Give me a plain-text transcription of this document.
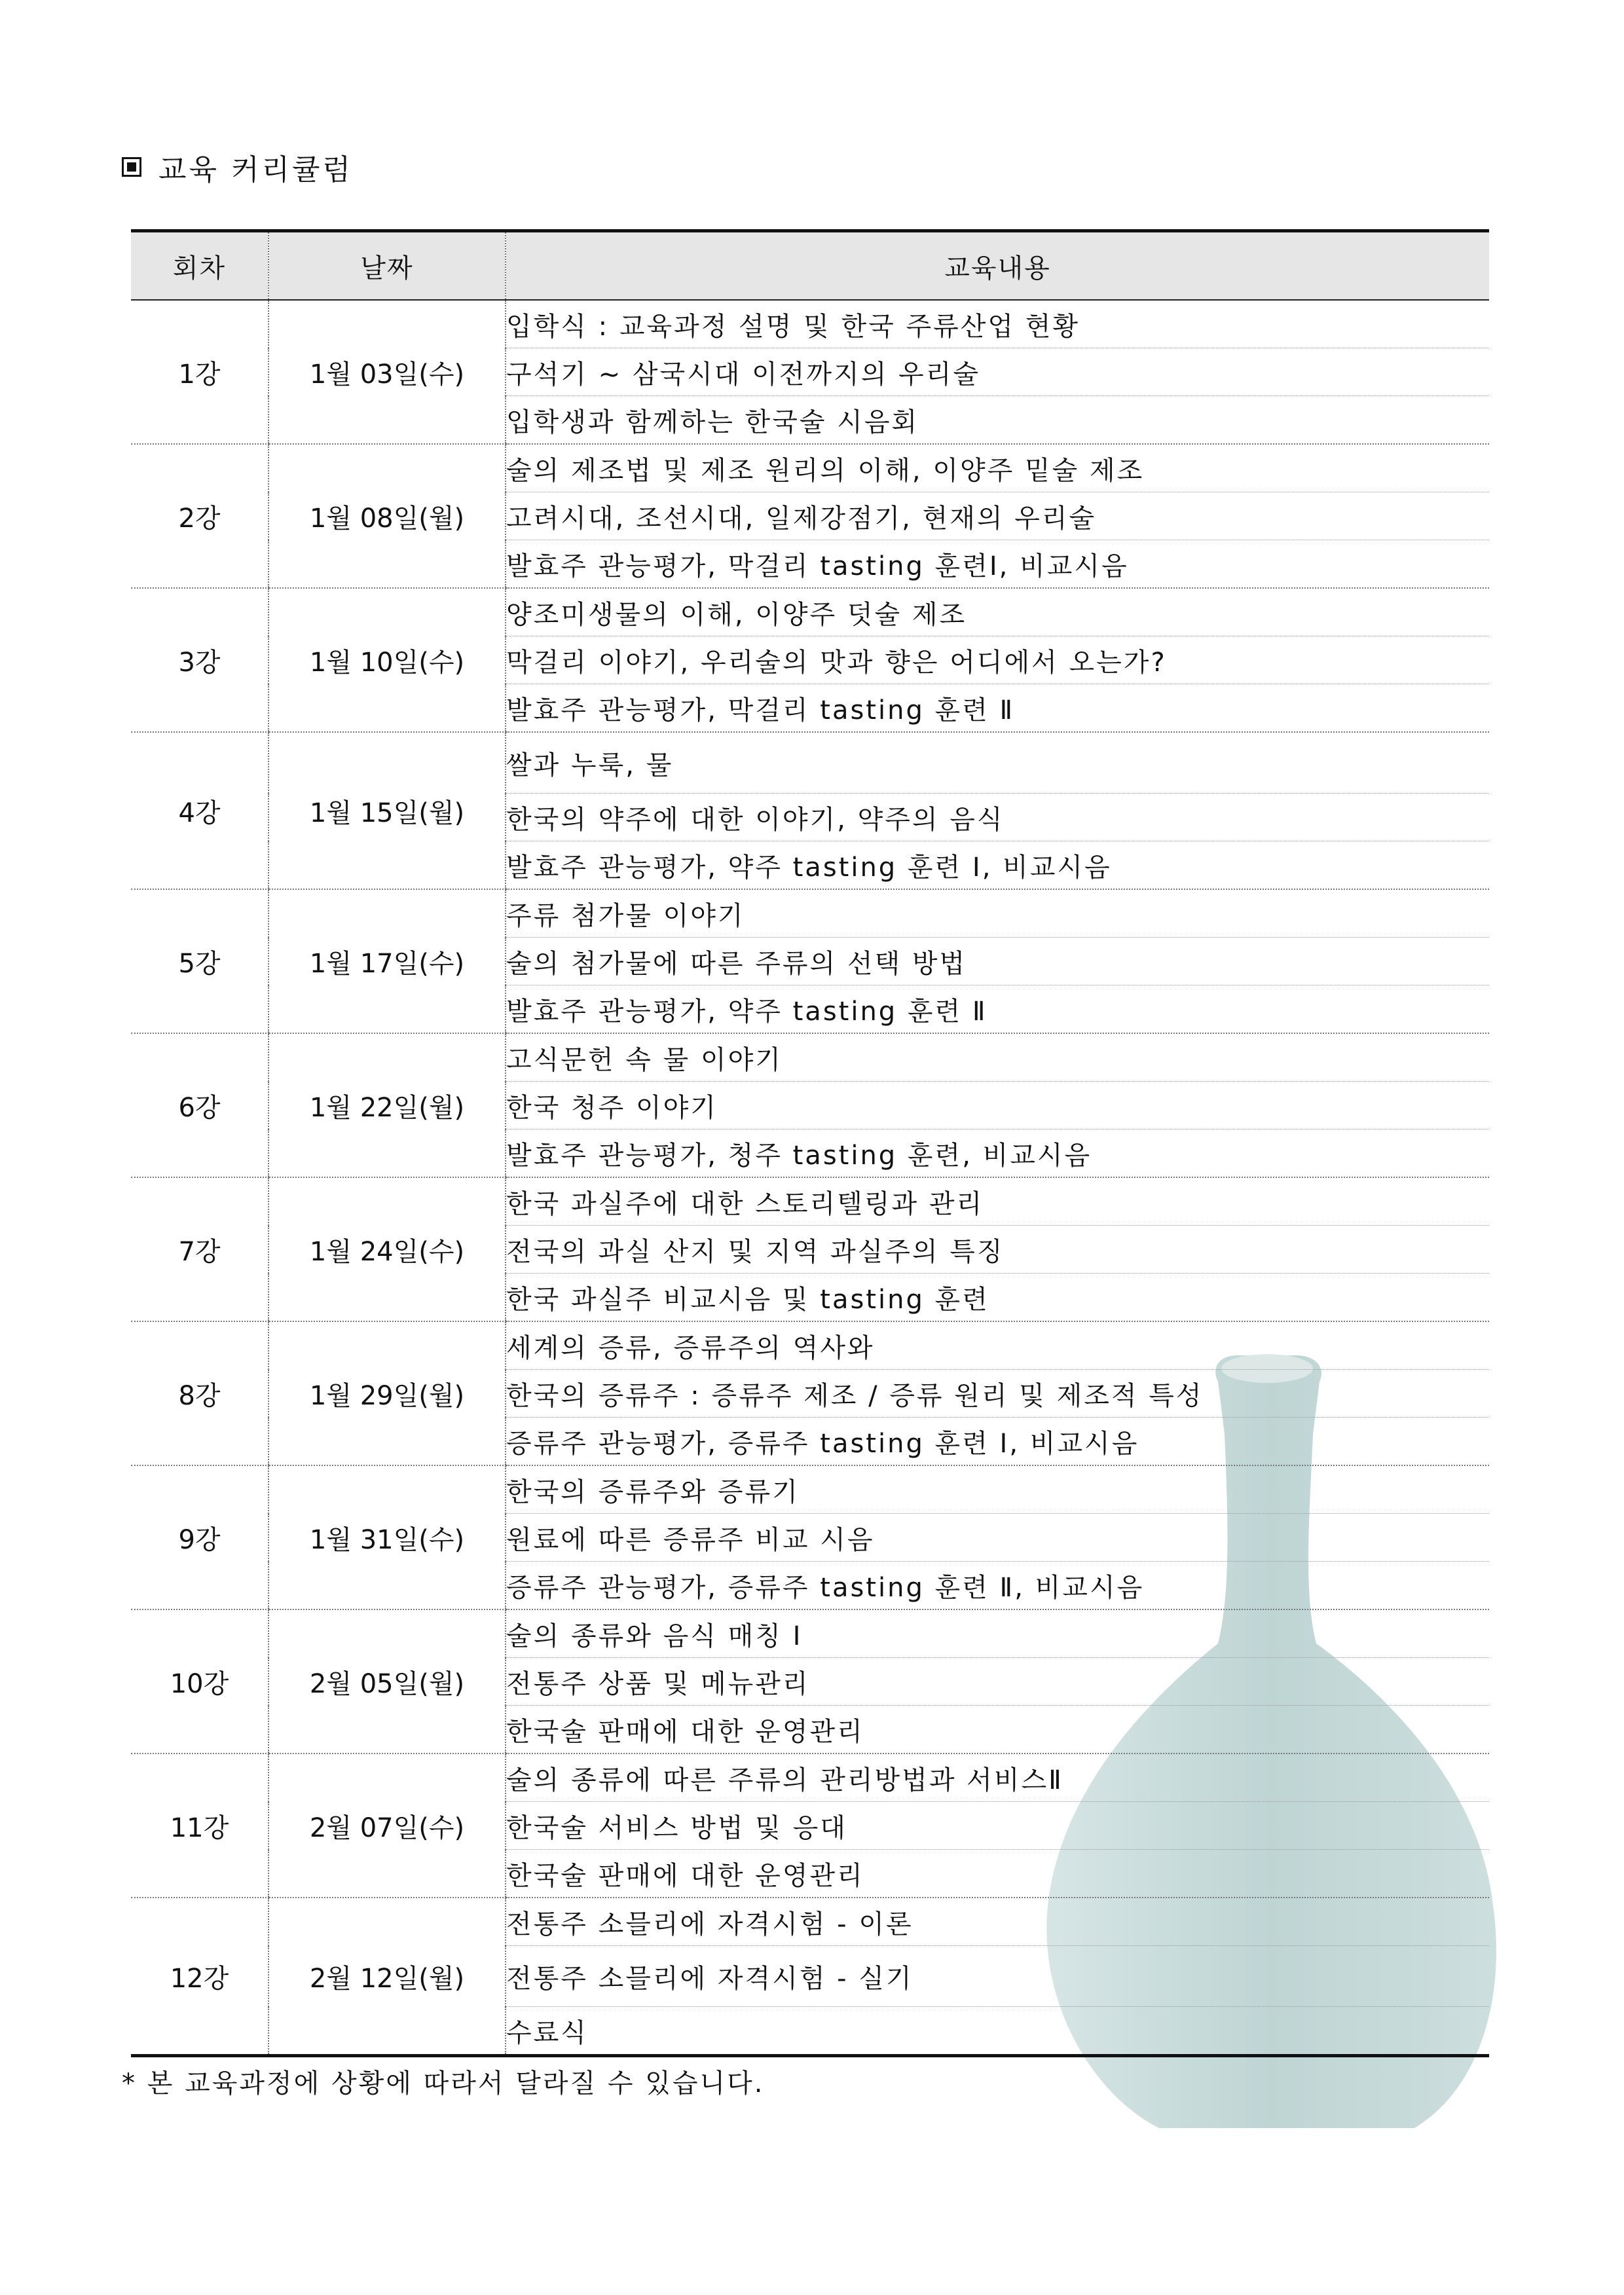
교육 커리큘럼
회차	날짜	교육내용
1강	1월 03일(수)	입학식 : 교육과정 설명 및 한국 주류산업 현황
		구석기 ~ 삼국시대 이전까지의 우리술
		입학생과 함께하는 한국술 시음회
2강	1월 08일(월)	술의 제조법 및 제조 원리의 이해, 이양주 밑술 제조
		고려시대, 조선시대, 일제강점기, 현재의 우리술
		발효주 관능평가, 막걸리 tasting 훈련Ⅰ, 비교시음
3강	1월 10일(수)	양조미생물의 이해, 이양주 덧술 제조
		막걸리 이야기, 우리술의 맛과 향은 어디에서 오는가?
		발효주 관능평가, 막걸리 tasting 훈련 Ⅱ
4강	1월 15일(월)	쌀과 누룩, 물
		한국의 약주에 대한 이야기, 약주의 음식
		발효주 관능평가, 약주 tasting 훈련 Ⅰ, 비교시음
5강	1월 17일(수)	주류 첨가물 이야기
		술의 첨가물에 따른 주류의 선택 방법
		발효주 관능평가, 약주 tasting 훈련 Ⅱ
6강	1월 22일(월)	고식문헌 속 물 이야기
		한국 청주 이야기
		발효주 관능평가, 청주 tasting 훈련, 비교시음
7강	1월 24일(수)	한국 과실주에 대한 스토리텔링과 관리
		전국의 과실 산지 및 지역 과실주의 특징
		한국 과실주 비교시음 및 tasting 훈련
8강	1월 29일(월)	세계의 증류, 증류주의 역사와
		한국의 증류주 : 증류주 제조 / 증류 원리 및 제조적 특성
		증류주 관능평가, 증류주 tasting 훈련 Ⅰ, 비교시음
9강	1월 31일(수)	한국의 증류주와 증류기
		원료에 따른 증류주 비교 시음
		증류주 관능평가, 증류주 tasting 훈련 Ⅱ, 비교시음
10강	2월 05일(월)	술의 종류와 음식 매칭 Ⅰ
		전통주 상품 및 메뉴관리
		한국술 판매에 대한 운영관리
11강	2월 07일(수)	술의 종류에 따른 주류의 관리방법과 서비스Ⅱ
		한국술 서비스 방법 및 응대
		한국술 판매에 대한 운영관리
12강	2월 12일(월)	전통주 소믈리에 자격시험 - 이론
		전통주 소믈리에 자격시험 - 실기
		수료식
* 본 교육과정에 상황에 따라서 달라질 수 있습니다.
